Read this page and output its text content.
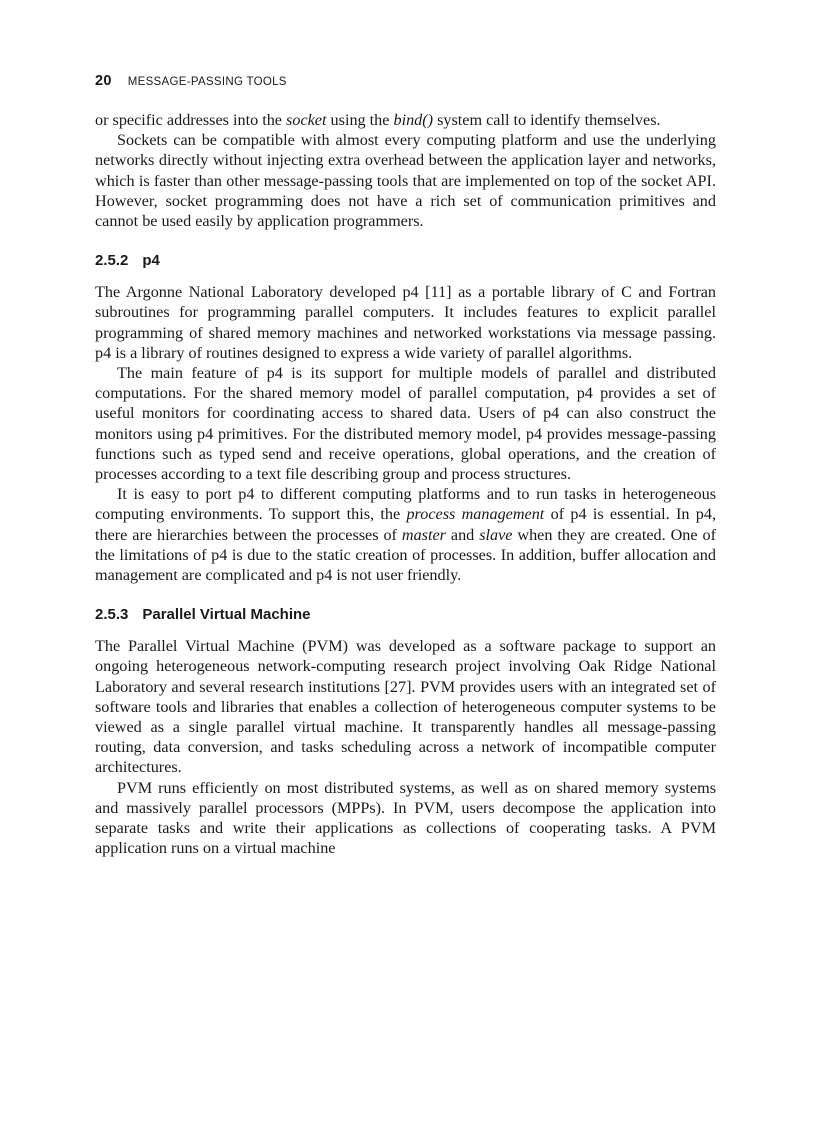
20 MESSAGE-PASSING TOOLS

or specific addresses into the socket using the bind() system call to identify themselves.

Sockets can be compatible with almost every computing platform and use the underlying networks directly without injecting extra overhead between the application layer and networks, which is faster than other message-passing tools that are implemented on top of the socket API. However, socket programming does not have a rich set of communication primitives and cannot be used easily by application programmers.

2.5.2 p4

The Argonne National Laboratory developed p4 [11] as a portable library of C and Fortran subroutines for programming parallel computers. It includes features to explicit parallel programming of shared memory machines and networked workstations via message passing. p4 is a library of routines designed to express a wide variety of parallel algorithms.

The main feature of p4 is its support for multiple models of parallel and distributed computations. For the shared memory model of parallel computation, p4 provides a set of useful monitors for coordinating access to shared data. Users of p4 can also construct the monitors using p4 primitives. For the distributed memory model, p4 provides message-passing functions such as typed send and receive operations, global operations, and the creation of processes according to a text file describing group and process structures.

It is easy to port p4 to different computing platforms and to run tasks in heterogeneous computing environments. To support this, the process management of p4 is essential. In p4, there are hierarchies between the processes of master and slave when they are created. One of the limitations of p4 is due to the static creation of processes. In addition, buffer allocation and management are complicated and p4 is not user friendly.

2.5.3 Parallel Virtual Machine

The Parallel Virtual Machine (PVM) was developed as a software package to support an ongoing heterogeneous network-computing research project involving Oak Ridge National Laboratory and several research institutions [27]. PVM provides users with an integrated set of software tools and libraries that enables a collection of heterogeneous computer systems to be viewed as a single parallel virtual machine. It transparently handles all message-passing routing, data conversion, and tasks scheduling across a network of incompatible computer architectures.

PVM runs efficiently on most distributed systems, as well as on shared memory systems and massively parallel processors (MPPs). In PVM, users decompose the application into separate tasks and write their applications as collections of cooperating tasks. A PVM application runs on a virtual machine
